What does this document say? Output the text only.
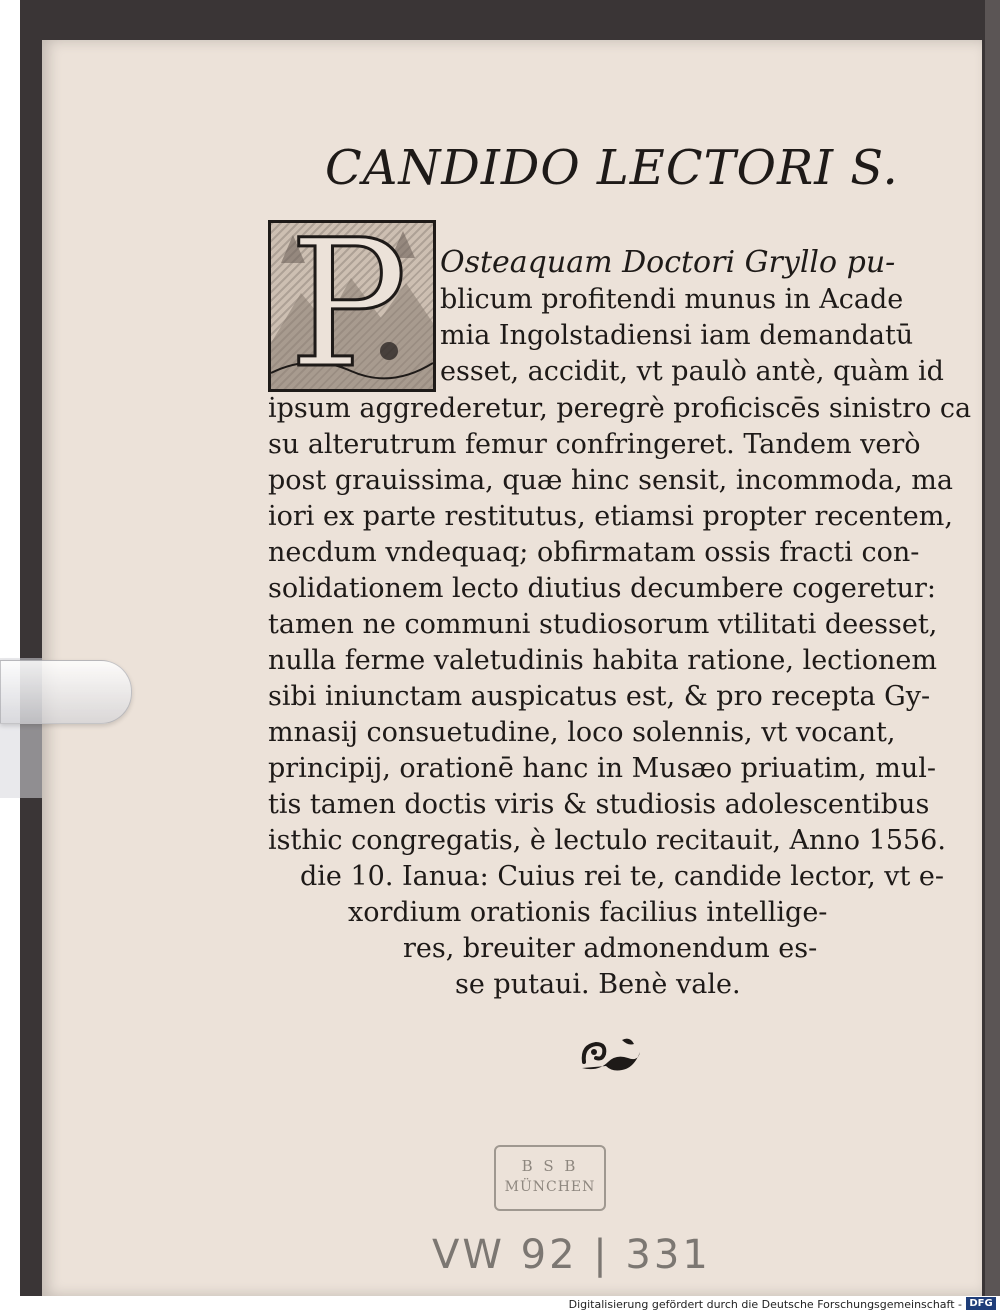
CANDIDO LECTORI S.
P Osteaquam Doctori Gryllo pu-

blicum profitendi munus in Acade

mia Ingolstadiensi iam demandatū

esset, accidit, vt paulò antè, quàm id

ipsum aggrederetur, peregrè proficiscēs sinistro ca

su alterutrum femur confringeret. Tandem verò

post grauissima, quæ hinc sensit, incommoda, ma

iori ex parte restitutus, etiamsi propter recentem,

necdum vndequaq; obfirmatam ossis fracti con-

solidationem lecto diutius decumbere cogeretur:

tamen ne communi studiosorum vtilitati deesset,

nulla ferme valetudinis habita ratione, lectionem

sibi iniunctam auspicatus est, & pro recepta Gy-

mnasij consuetudine, loco solennis, vt vocant,

principij, orationē hanc in Musæo priuatim, mul-

tis tamen doctis viris & studiosis adolescentibus

isthic congregatis, è lectulo recitauit, Anno 1556.

die 10. Ianua: Cuius rei te, candide lector, vt e-

xordium orationis facilius intellige-

res, breuiter admonendum es-

se putaui. Benè vale.

B S B
MÜNCHEN
VW 92 | 331
Digitalisierung gefördert durch die Deutsche Forschungsgemeinschaft - DFG
